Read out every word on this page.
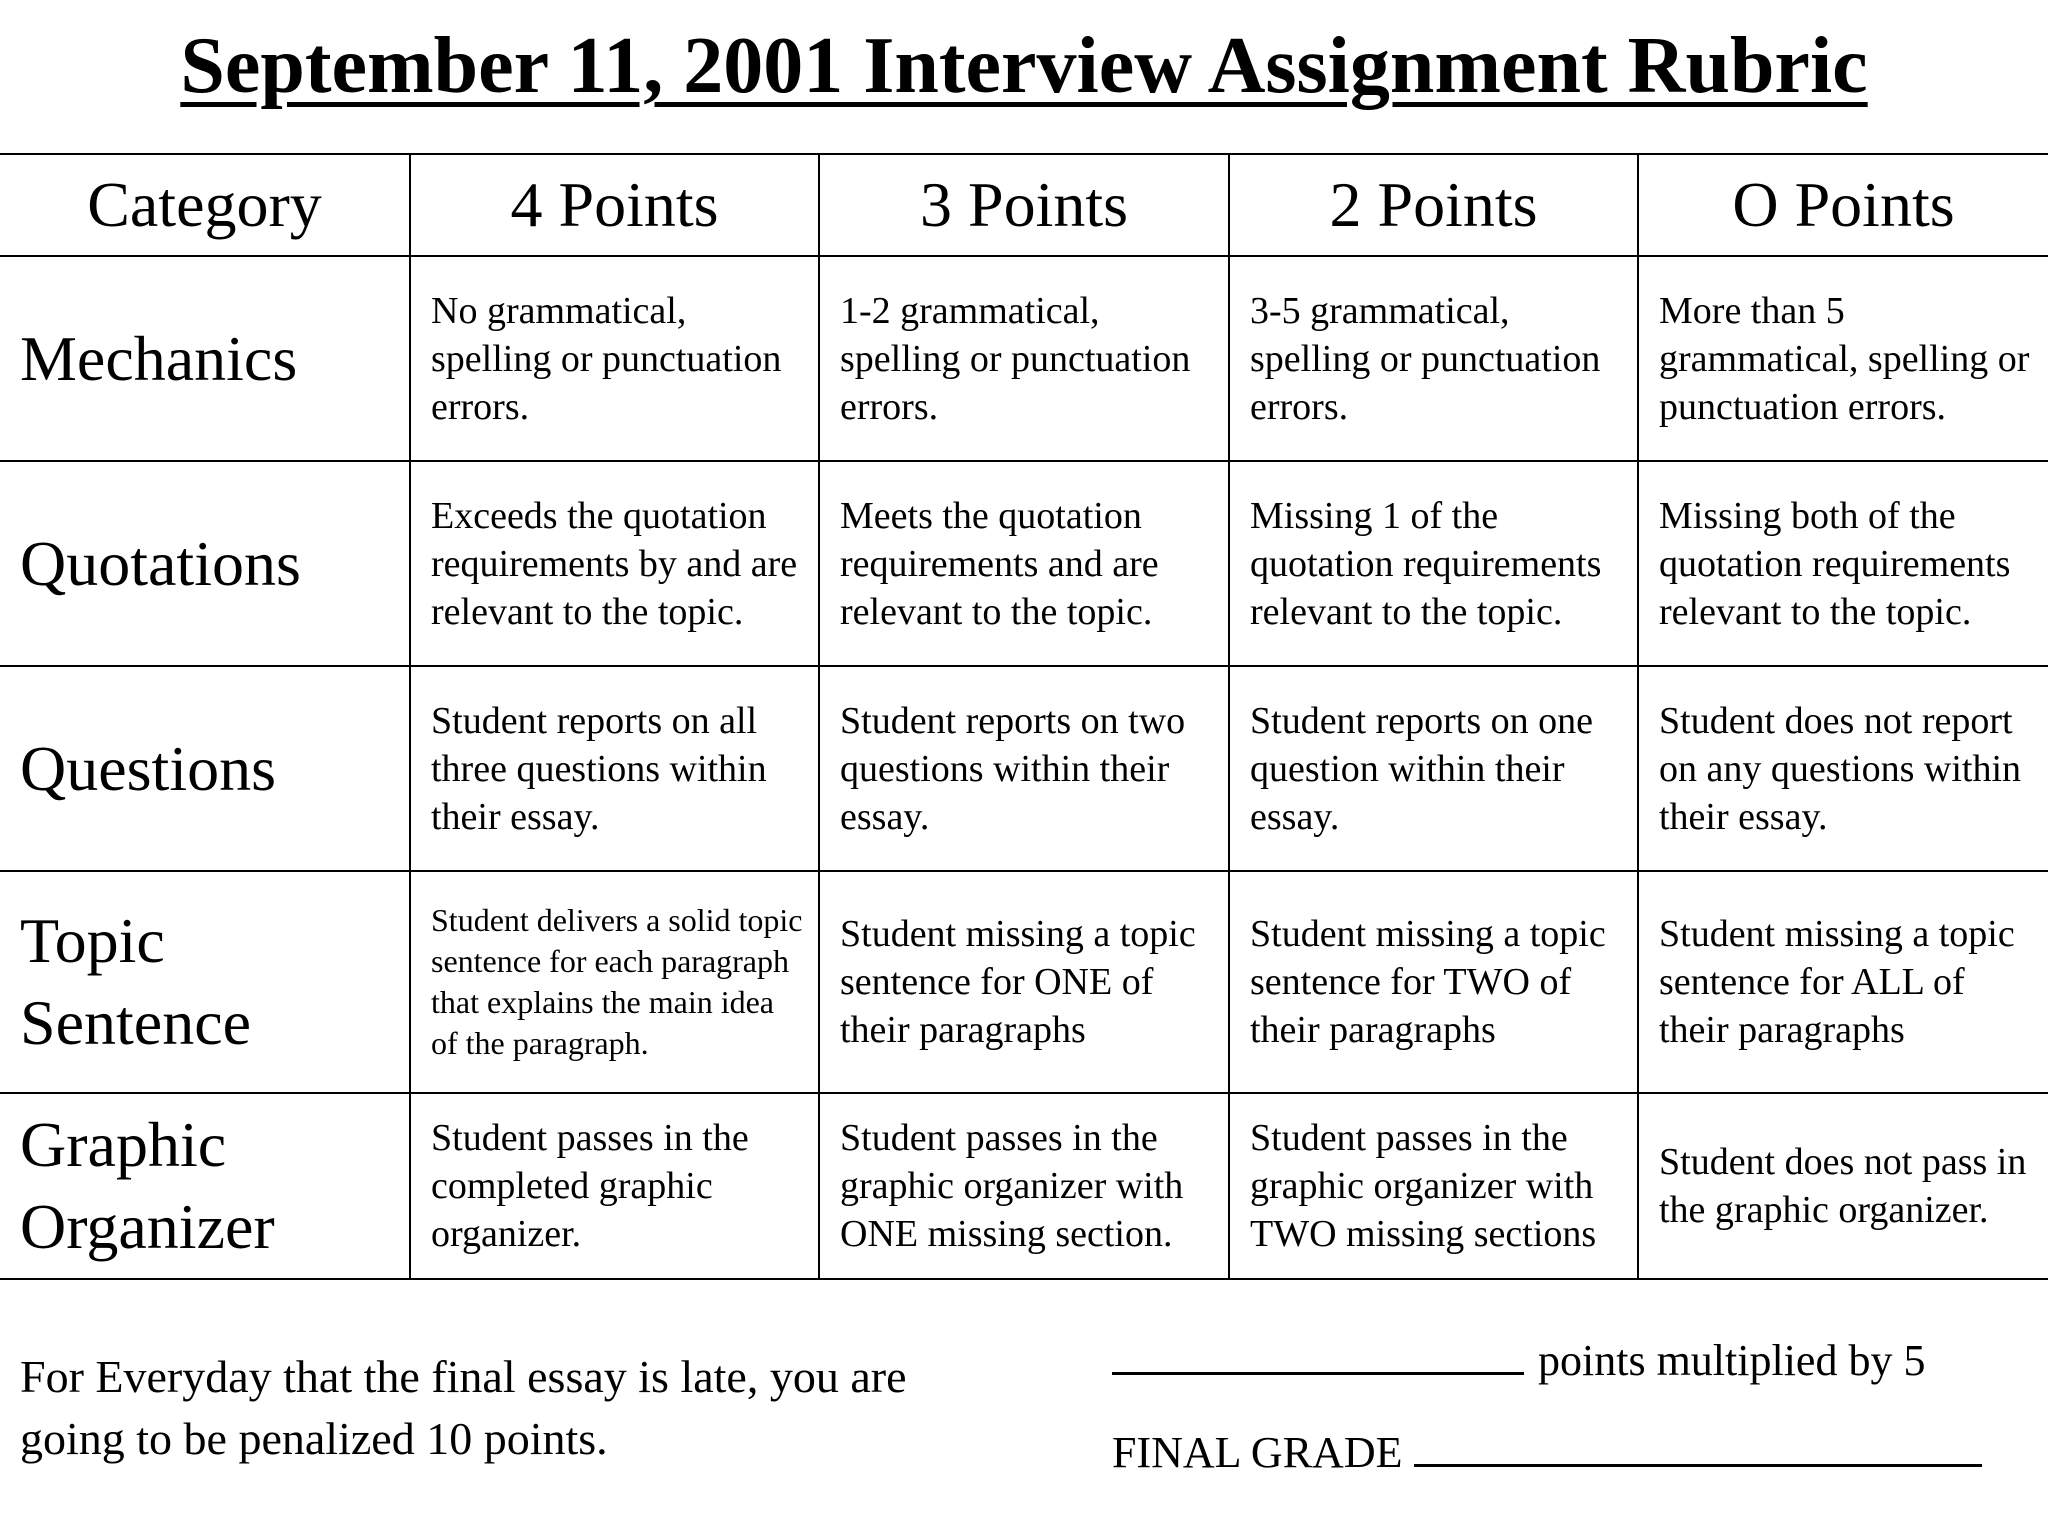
September 11, 2001 Interview Assignment Rubric
Category	4 Points	3 Points	2 Points	O Points
Mechanics	No grammatical, spelling or punctuation errors.	1-2 grammatical, spelling or punctuation errors.	3-5 grammatical, spelling or punctuation errors.	More than 5 grammatical, spelling or punctuation errors.
Quotations	Exceeds the quotation requirements by and are relevant to the topic.	Meets the quotation requirements and are relevant to the topic.	Missing 1 of the quotation requirements relevant to the topic.	Missing both of the quotation requirements relevant to the topic.
Questions	Student reports on all three questions within their essay.	Student reports on two questions within their essay.	Student reports on one question within their essay.	Student does not report on any questions within their essay.
Topic Sentence	Student delivers a solid topic sentence for each paragraph that explains the main idea of the paragraph.	Student missing a topic sentence for ONE of their paragraphs	Student missing a topic sentence for TWO of their paragraphs	Student missing a topic sentence for ALL of their paragraphs
Graphic Organizer	Student passes in the completed graphic organizer.	Student passes in the graphic organizer with ONE missing section.	Student passes in the graphic organizer with TWO missing sections	Student does not pass in the graphic organizer.
For Everyday that the final essay is late, you are going to be penalized 10 points.
points multiplied by 5
FINAL GRADE
